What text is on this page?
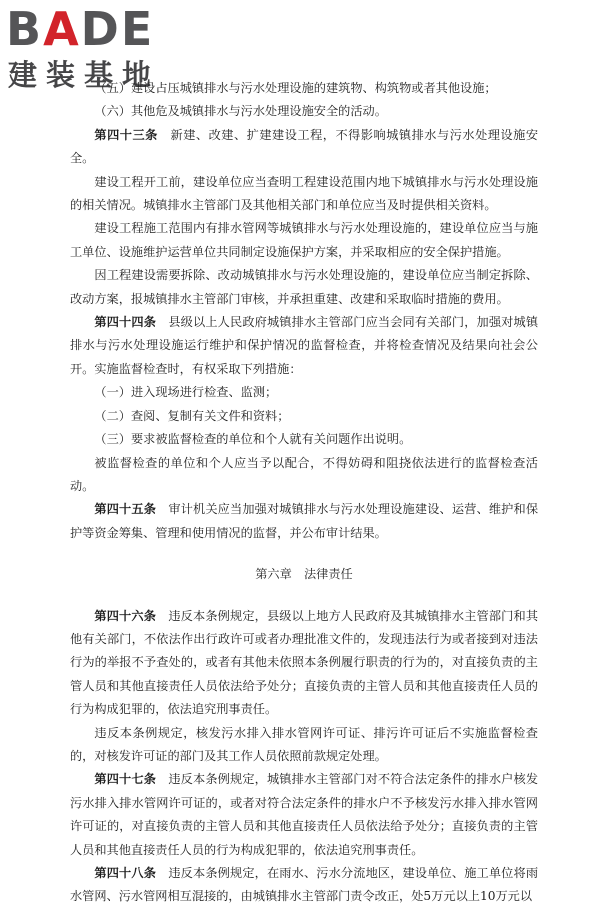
BADE
建装基地

（五）建设占压城镇排水与污水处理设施的建筑物、构筑物或者其他设施；

（六）其他危及城镇排水与污水处理设施安全的活动。

第四十三条　新建、改建、扩建建设工程，不得影响城镇排水与污水处理设施安全。

建设工程开工前，建设单位应当查明工程建设范围内地下城镇排水与污水处理设施的相关情况。城镇排水主管部门及其他相关部门和单位应当及时提供相关资料。

建设工程施工范围内有排水管网等城镇排水与污水处理设施的，建设单位应当与施工单位、设施维护运营单位共同制定设施保护方案，并采取相应的安全保护措施。

因工程建设需要拆除、改动城镇排水与污水处理设施的，建设单位应当制定拆除、改动方案，报城镇排水主管部门审核，并承担重建、改建和采取临时措施的费用。

第四十四条　县级以上人民政府城镇排水主管部门应当会同有关部门，加强对城镇排水与污水处理设施运行维护和保护情况的监督检查，并将检查情况及结果向社会公开。实施监督检查时，有权采取下列措施：

（一）进入现场进行检查、监测；

（二）查阅、复制有关文件和资料；

（三）要求被监督检查的单位和个人就有关问题作出说明。

被监督检查的单位和个人应当予以配合，不得妨碍和阻挠依法进行的监督检查活动。

第四十五条　审计机关应当加强对城镇排水与污水处理设施建设、运营、维护和保护等资金筹集、管理和使用情况的监督，并公布审计结果。

第六章　法律责任

第四十六条　违反本条例规定，县级以上地方人民政府及其城镇排水主管部门和其他有关部门，不依法作出行政许可或者办理批准文件的，发现违法行为或者接到对违法行为的举报不予查处的，或者有其他未依照本条例履行职责的行为的，对直接负责的主管人员和其他直接责任人员依法给予处分；直接负责的主管人员和其他直接责任人员的行为构成犯罪的，依法追究刑事责任。

违反本条例规定，核发污水排入排水管网许可证、排污许可证后不实施监督检查的，对核发许可证的部门及其工作人员依照前款规定处理。

第四十七条　违反本条例规定，城镇排水主管部门对不符合法定条件的排水户核发污水排入排水管网许可证的，或者对符合法定条件的排水户不予核发污水排入排水管网许可证的，对直接负责的主管人员和其他直接责任人员依法给予处分；直接负责的主管人员和其他直接责任人员的行为构成犯罪的，依法追究刑事责任。

第四十八条　违反本条例规定，在雨水、污水分流地区，建设单位、施工单位将雨水管网、污水管网相互混接的，由城镇排水主管部门责令改正，处5万元以上10万元以
